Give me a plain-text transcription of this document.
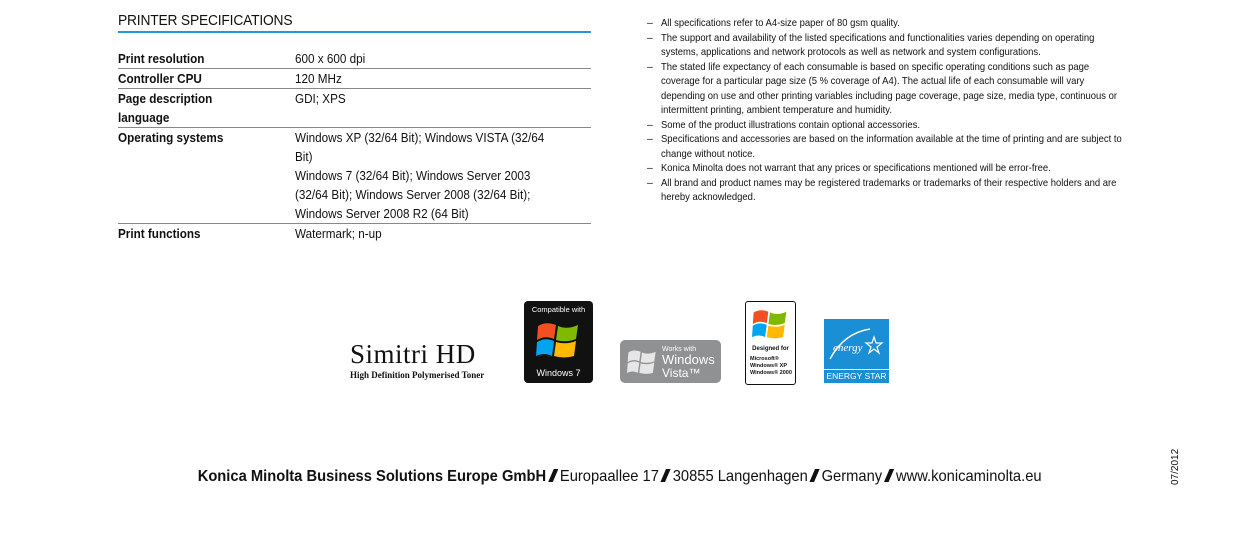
PRINTER SPECIFICATIONS
Print resolution	600 x 600 dpi
Controller CPU	120 MHz
Page description language	GDI; XPS
Operating systems	Windows XP (32/64 Bit); Windows VISTA (32/64 Bit)
Windows 7 (32/64 Bit); Windows Server 2003
(32/64 Bit); Windows Server 2008 (32/64 Bit);
Windows Server 2008 R2 (64 Bit)
Print functions	Watermark; n-up
– All specifications refer to A4-size paper of 80 gsm quality.
– The support and availability of the listed specifications and functionalities varies depending on operating systems, applications and network protocols as well as network and system configurations.
– The stated life expectancy of each consumable is based on specific operating conditions such as page coverage for a particular page size (5 % coverage of A4). The actual life of each consumable will vary depending on use and other printing variables including page coverage, page size, media type, continuous or intermittent printing, ambient temperature and humidity.
– Some of the product illustrations contain optional accessories.
– Specifications and accessories are based on the information available at the time of printing and are subject to change without notice.
– Konica Minolta does not warrant that any prices or specifications mentioned will be error-free.
– All brand and product names may be registered trademarks or trademarks of their respective holders and are hereby acknowledged.
Simitri HD
High Definition Polymerised Toner
Compatible with
Windows 7
Works with
Windows
Vista™
Designed for
Microsoft® Windows® XP Windows® 2000
energy
ENERGY STAR
Konica Minolta Business Solutions Europe GmbH Europaallee 17 30855 Langenhagen Germany www.konicaminolta.eu	07/2012
